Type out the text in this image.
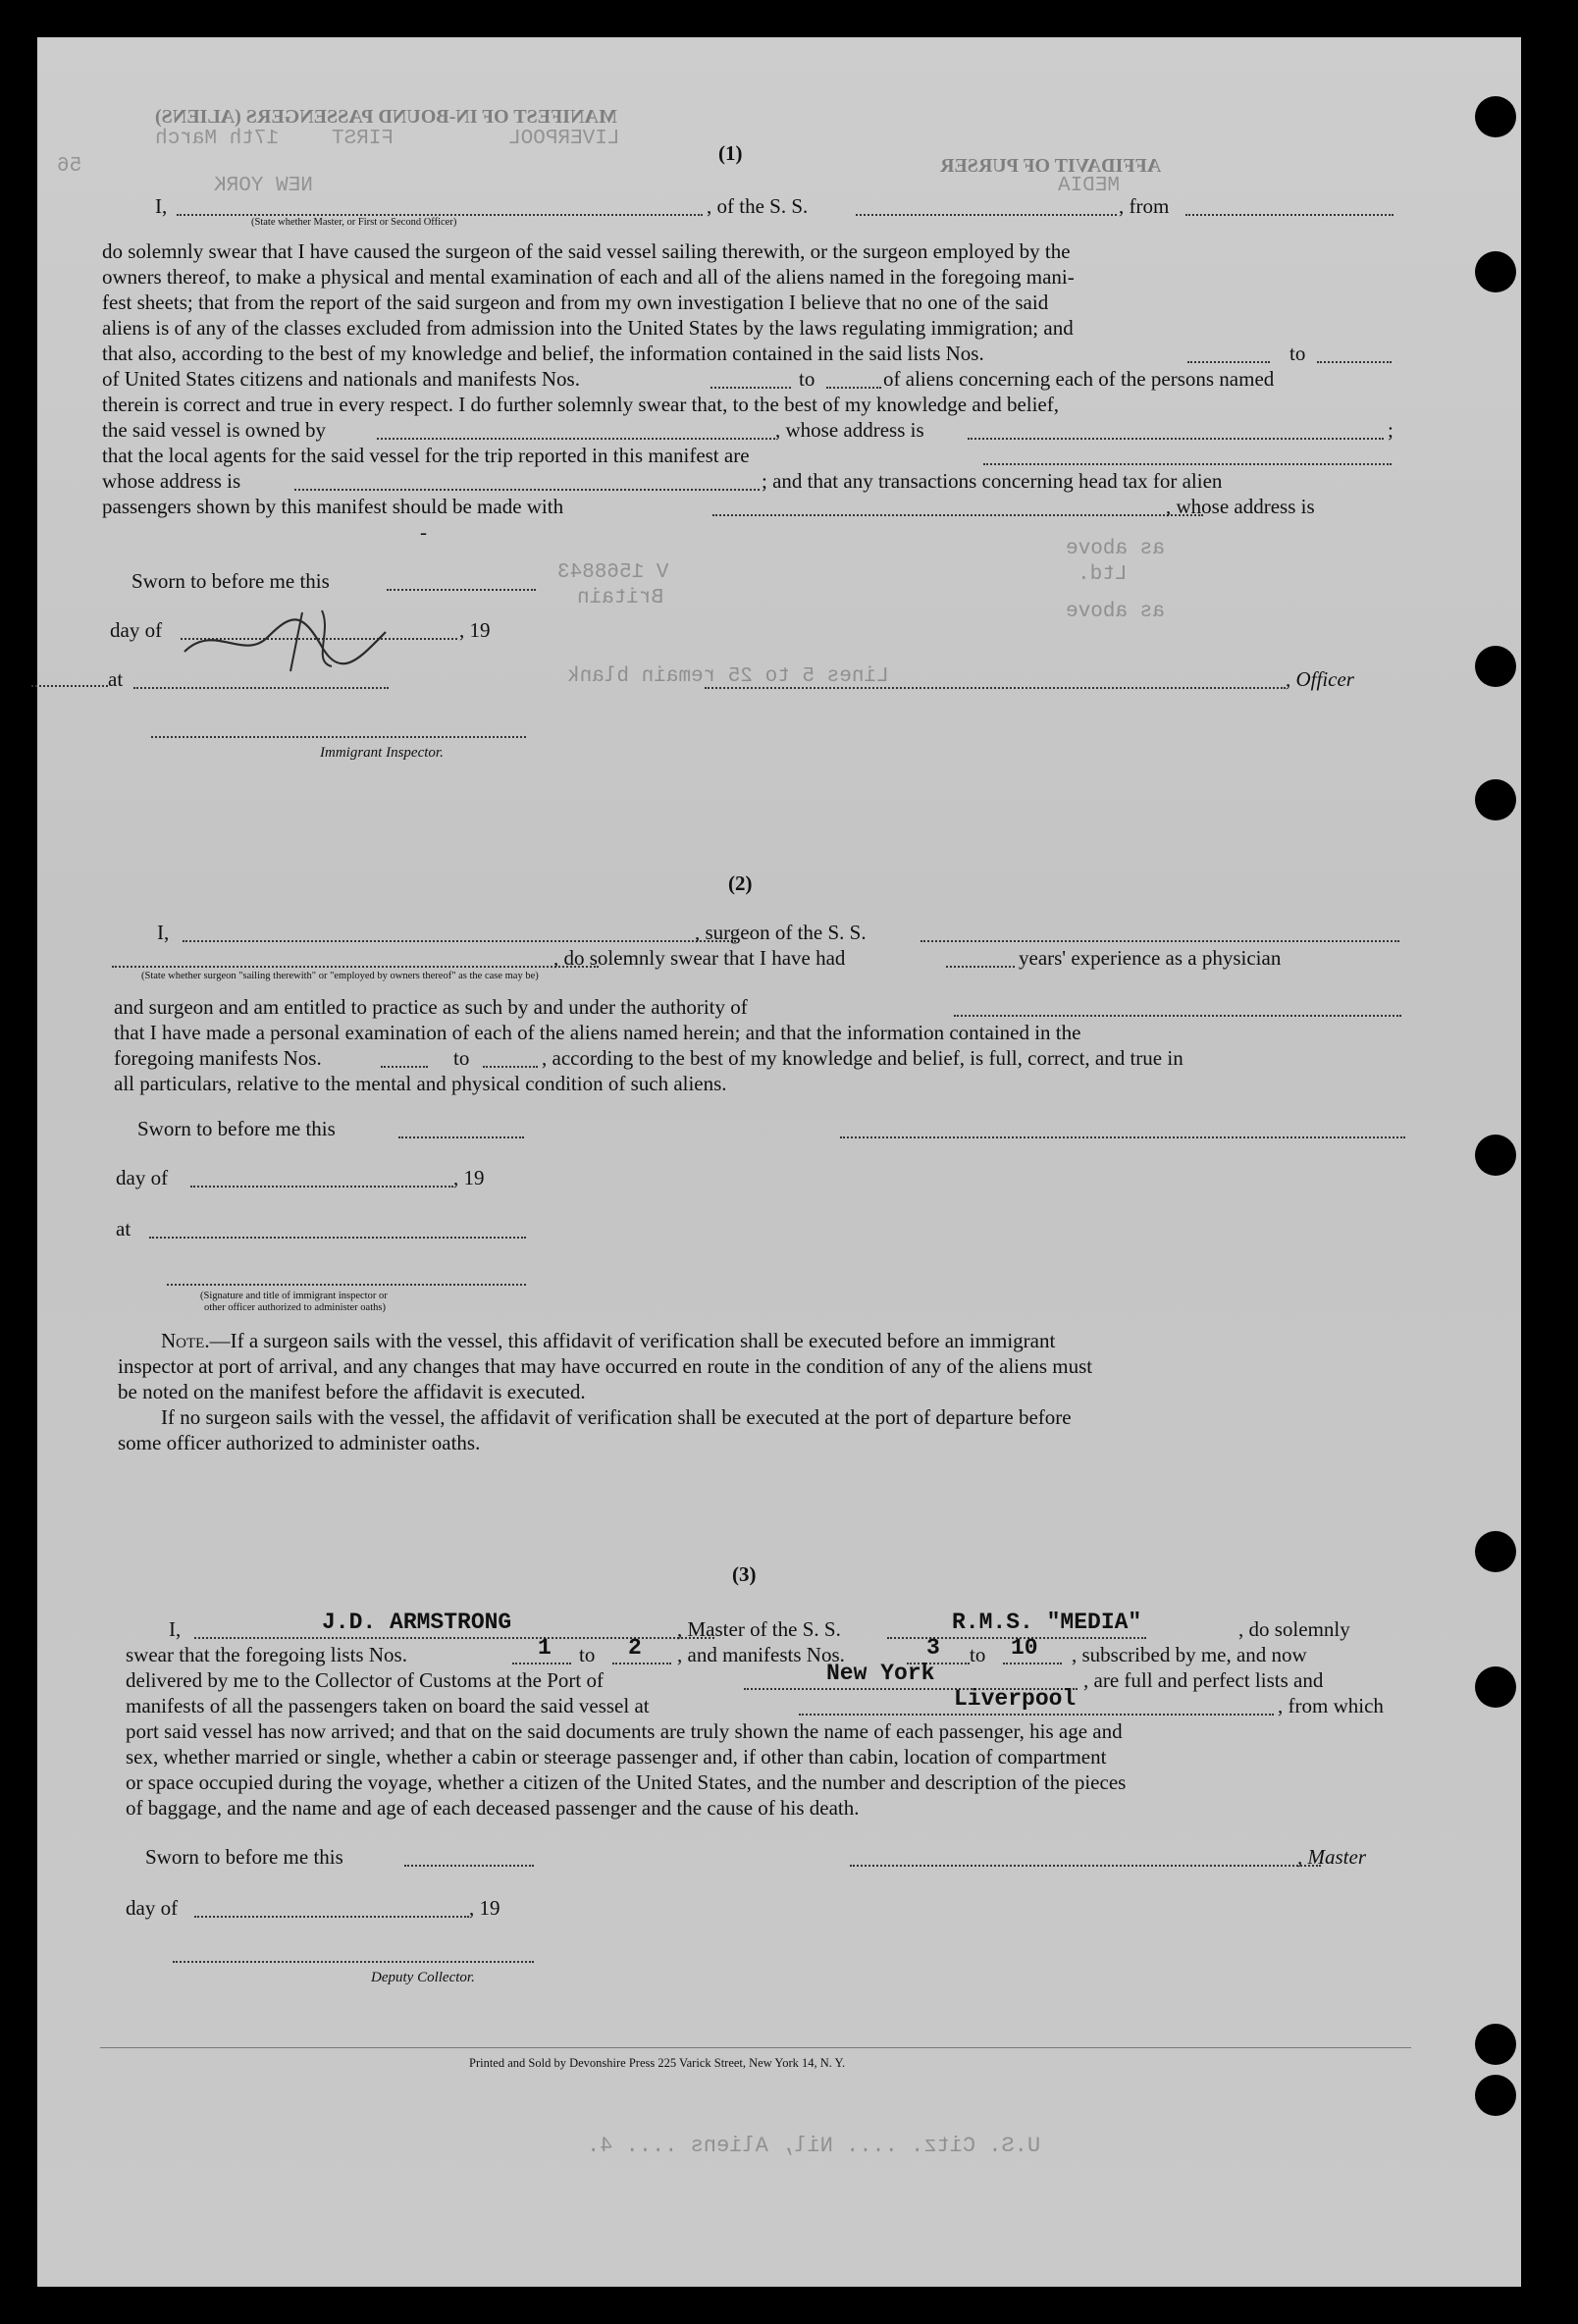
MANIFEST OF IN-BOUND PASSENGERS (ALIENS)
FIRST	LIVERPOOL
17th March
56
NEW YORK	MEDIA
AFFIDAVIT OF PURSER
(1)
I,	, of the S. S.	, from
(State whether Master, or First or Second Officer)
do solemnly swear that I have caused the surgeon of the said vessel sailing therewith, or the surgeon employed by the
owners thereof, to make a physical and mental examination of each and all of the aliens named in the foregoing mani-
fest sheets; that from the report of the said surgeon and from my own investigation I believe that no one of the said
aliens is of any of the classes excluded from admission into the United States by the laws regulating immigration; and
that also, according to the best of my knowledge and belief, the information contained in the said lists Nos.	to
of United States citizens and nationals and manifests Nos.	to	of aliens concerning each of the persons named
therein is correct and true in every respect. I do further solemnly swear that, to the best of my knowledge and belief,
the said vessel is owned by	, whose address is	;
that the local agents for the said vessel for the trip reported in this manifest are
whose address is	; and that any transactions concerning head tax for alien
passengers shown by this manifest should be made with	, whose address is
-
Sworn to before me this
day of	, 19
at	, Officer
Immigrant Inspector.
as above
Ltd.
as above
Lines 5 to 25 remain blank
V 1568843
Britain
(2)
I,	, surgeon of the S. S.
, do solemnly swear that I have had	years' experience as a physician
(State whether surgeon "sailing therewith" or "employed by owners thereof" as the case may be)
and surgeon and am entitled to practice as such by and under the authority of
that I have made a personal examination of each of the aliens named herein; and that the information contained in the
foregoing manifests Nos.	to	, according to the best of my knowledge and belief, is full, correct, and true in
all particulars, relative to the mental and physical condition of such aliens.
Sworn to before me this
day of	, 19
at
(Signature and title of immigrant inspector or
other officer authorized to administer oaths)
Note.—If a surgeon sails with the vessel, this affidavit of verification shall be executed before an immigrant
inspector at port of arrival, and any changes that may have occurred en route in the condition of any of the aliens must
be noted on the manifest before the affidavit is executed.
If no surgeon sails with the vessel, the affidavit of verification shall be executed at the port of departure before
some officer authorized to administer oaths.
(3)
I,	J.D. ARMSTRONG	, Master of the S. S.	R.M.S. "MEDIA"	, do solemnly
swear that the foregoing lists Nos.	1 to 2 , and manifests Nos.	3 to 10 , subscribed by me, and now
delivered by me to the Collector of Customs at the Port of	New York	, are full and perfect lists and
manifests of all the passengers taken on board the said vessel at	Liverpool	, from which
port said vessel has now arrived; and that on the said documents are truly shown the name of each passenger, his age and
sex, whether married or single, whether a cabin or steerage passenger and, if other than cabin, location of compartment
or space occupied during the voyage, whether a citizen of the United States, and the number and description of the pieces
of baggage, and the name and age of each deceased passenger and the cause of his death.
Sworn to before me this	, Master
day of	, 19
Deputy Collector.
Printed and Sold by Devonshire Press 225 Varick Street, New York 14, N. Y.
U.S. Citz. .... Nil, Aliens .... 4.
